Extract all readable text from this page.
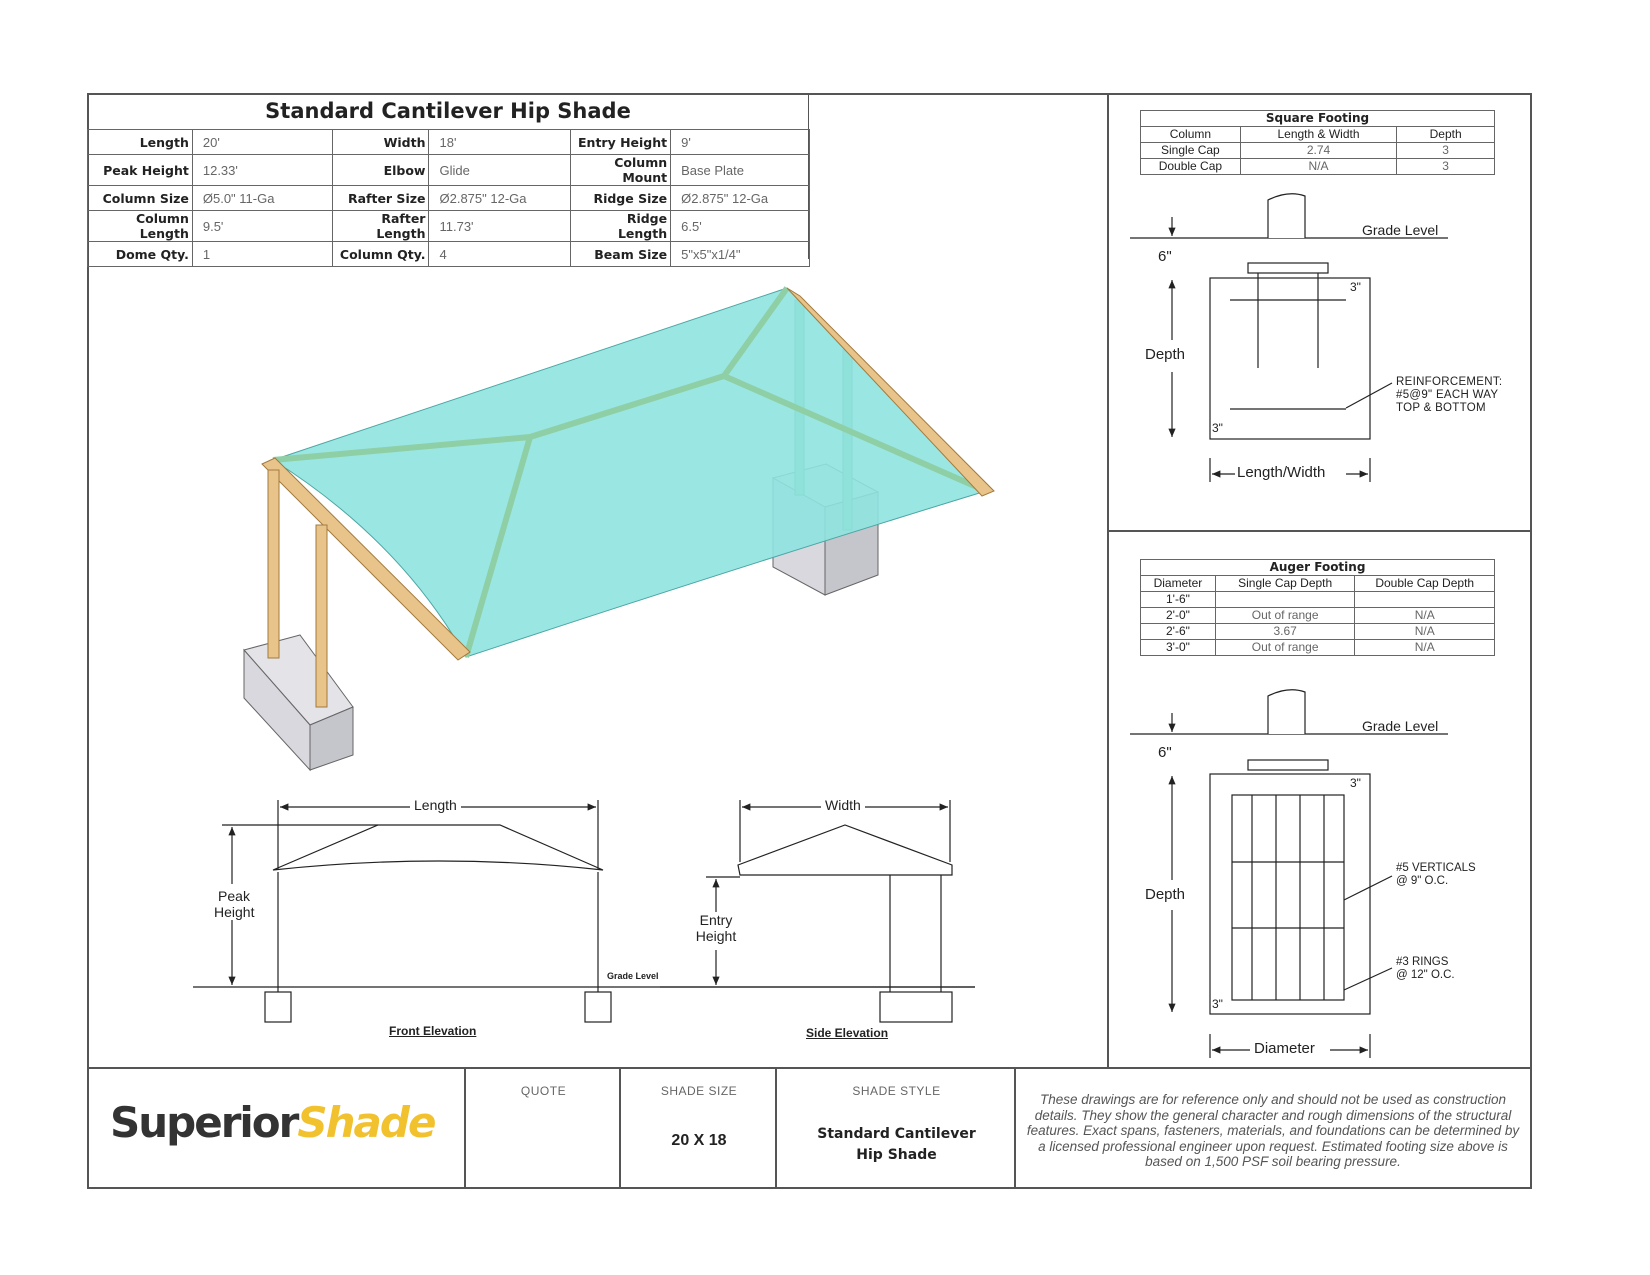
Standard Cantilever Hip Shade
Length	20'	Width	18'	Entry Height	9'
Peak Height	12.33'	Elbow	Glide	Column Mount	Base Plate
Column Size	Ø5.0" 11-Ga	Rafter Size	Ø2.875" 12-Ga	Ridge Size	Ø2.875" 12-Ga
Column Length	9.5'	Rafter Length	11.73'	Ridge Length	6.5'
Dome Qty.	1	Column Qty.	4	Beam Size	5"x5"x1/4"
Square Footing		
Column	Length & Width	Depth
Single Cap	2.74	3
Double Cap	N/A	3
Auger Footing		
Diameter	Single Cap Depth	Double Cap Depth
1'-6"		
2'-0"	Out of range	N/A
2'-6"	3.67	N/A
3'-0"	Out of range	N/A
Length
Peak
Height
Grade Level
Front Elevation
Width
Entry
Height
Side Elevation
Grade Level
6"
3"
Depth
3"
Length/Width
REINFORCEMENT:
#5@9" EACH WAY
TOP & BOTTOM
Grade Level
6"
3"
Depth
3"
Diameter
#5 VERTICALS
@ 9" O.C.
#3 RINGS
@ 12" O.C.
SuperiorShade
QUOTE	SHADE SIZE
20 X 18
SHADE STYLE
Standard Cantilever
Hip Shade
These drawings are for reference only and should not be used as construction details. They show the general character and rough dimensions of the structural features. Exact spans, fasteners, materials, and foundations can be determined by a licensed professional engineer upon request. Estimated footing size above is based on 1,500 PSF soil bearing pressure.
